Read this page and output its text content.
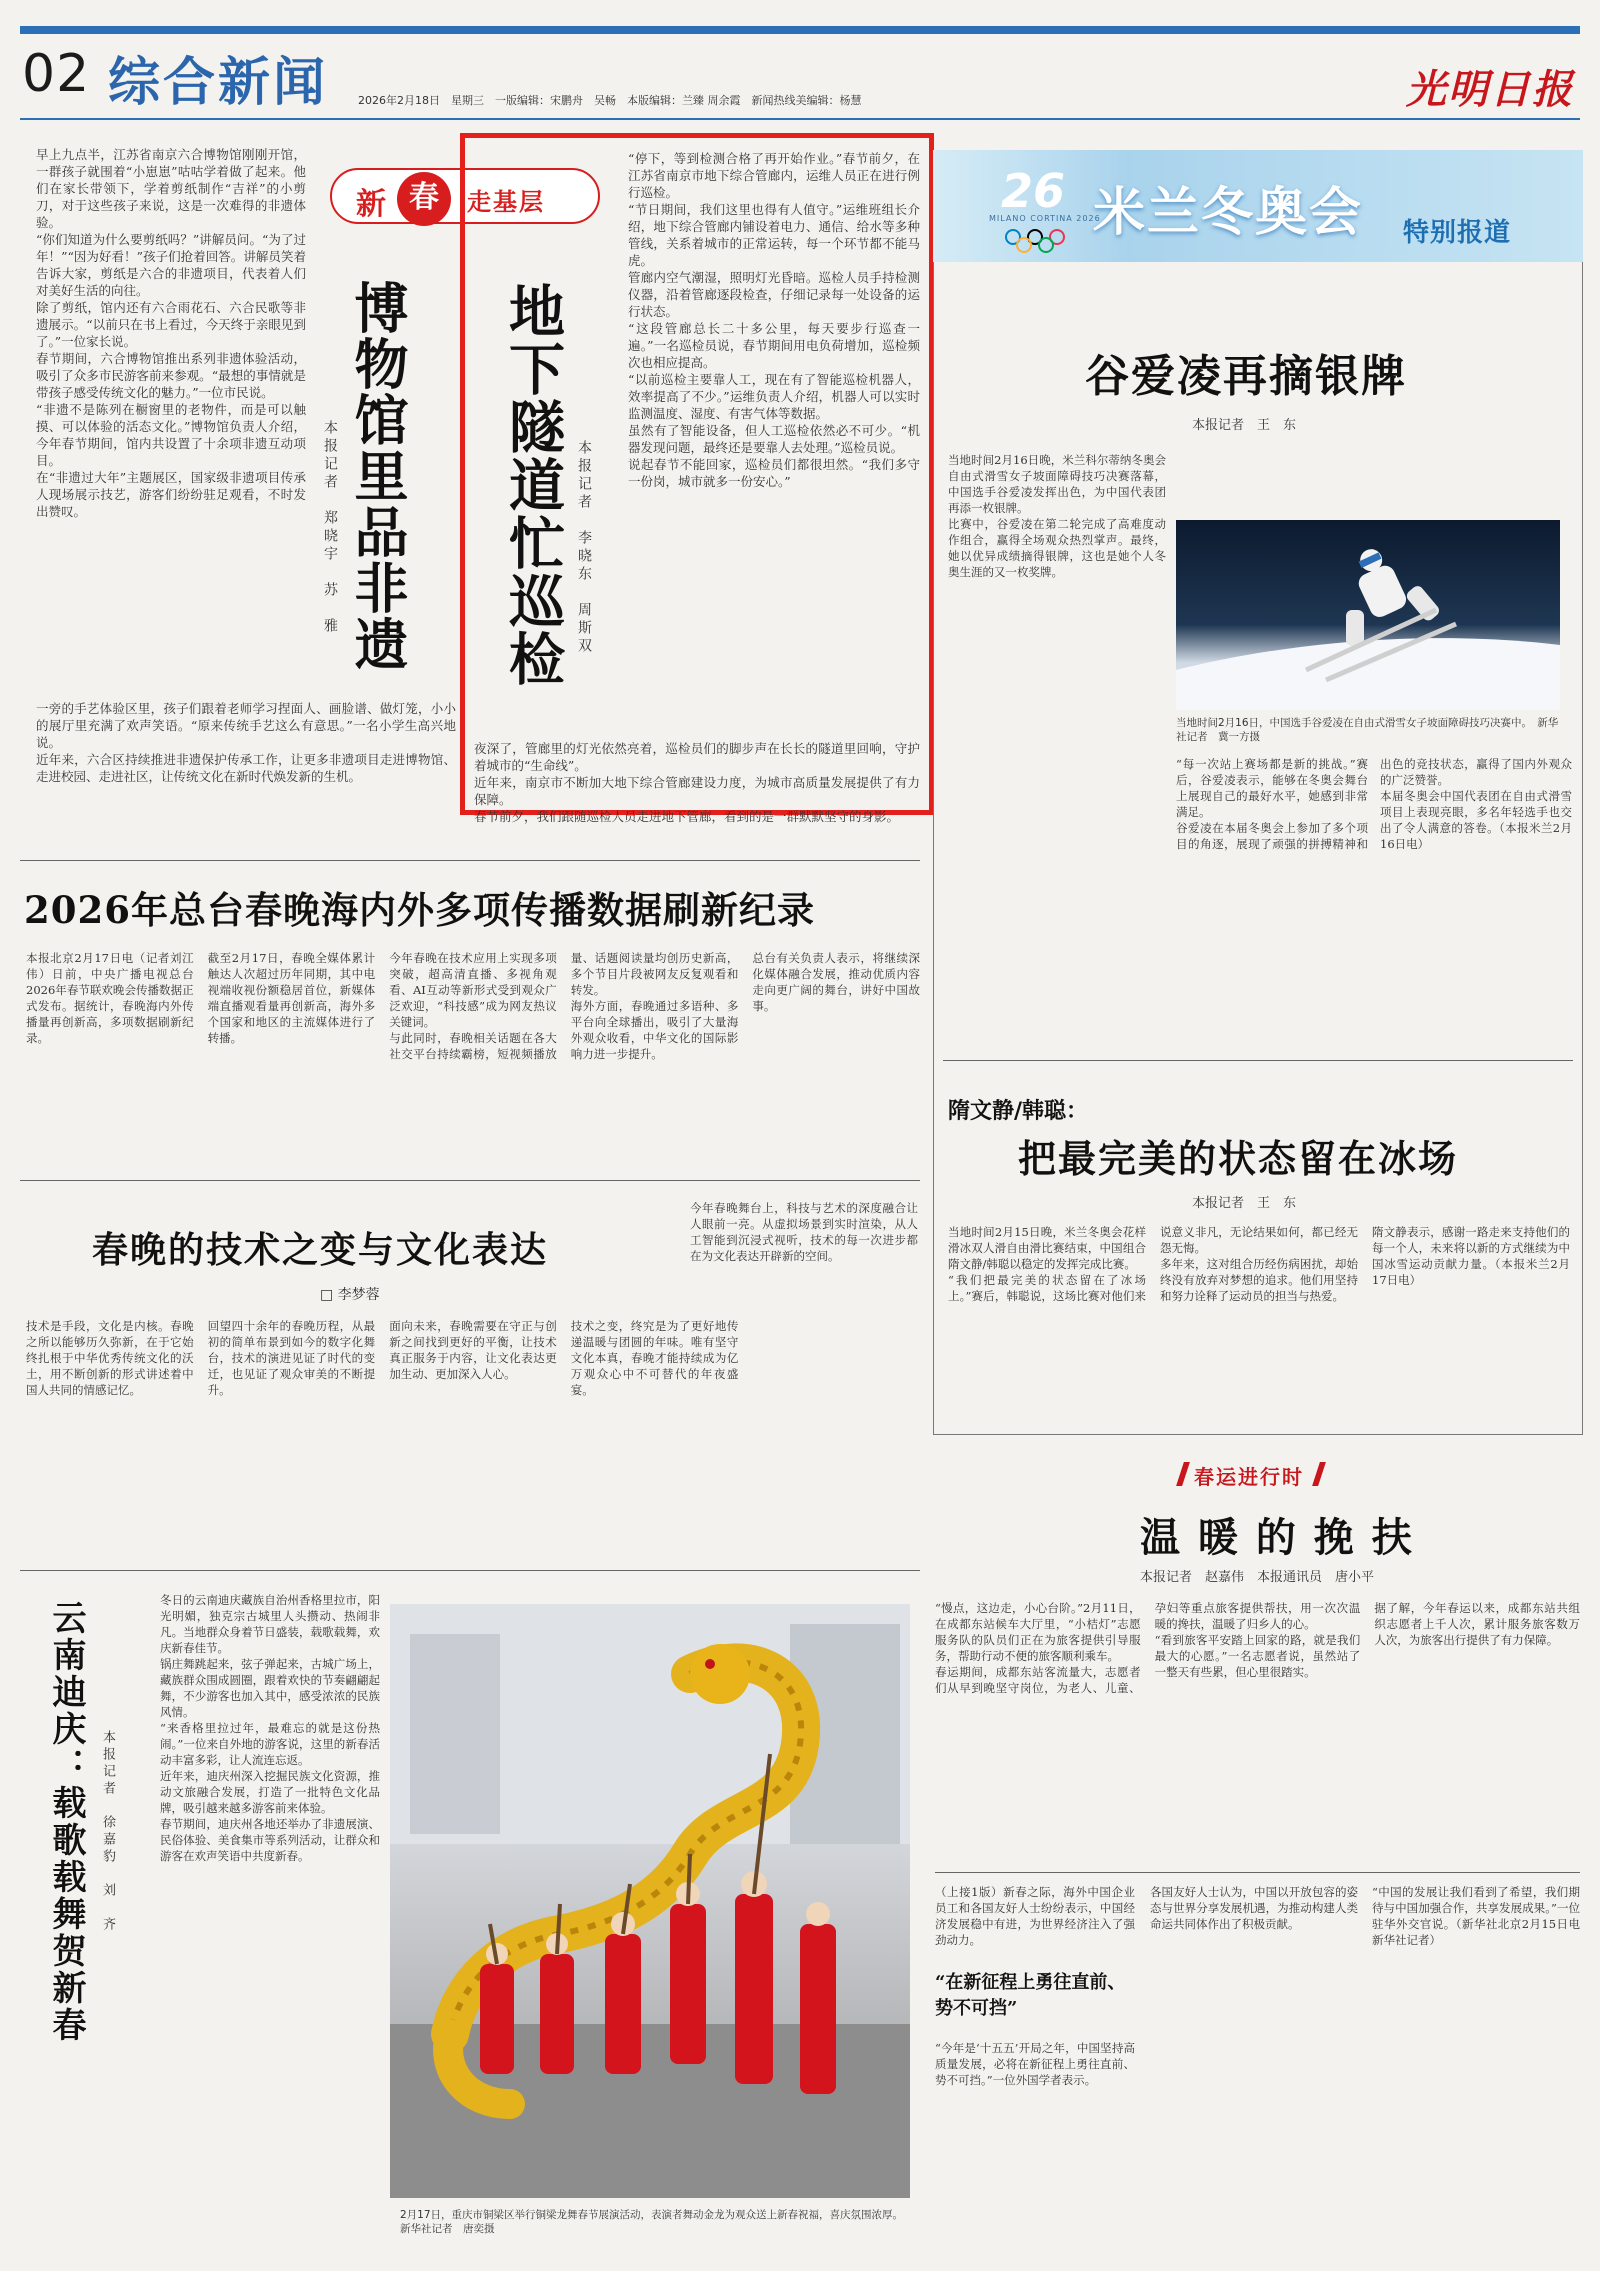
02 综合新闻	2026年2月18日　星期三　一版编辑：宋鹏舟　吴畅　本版编辑：兰臻 周余霞　新闻热线美编辑：杨慧	光明日报

早上九点半，江苏省南京六合博物馆刚刚开馆，一群孩子就围着“小崽崽”咕咕学着做了起来。他们在家长带领下，学着剪纸制作“吉祥”的小剪刀，对于这些孩子来说，这是一次难得的非遗体验。

“你们知道为什么要剪纸吗？”讲解员问。“为了过年！”“因为好看！”孩子们抢着回答。讲解员笑着告诉大家，剪纸是六合的非遗项目，代表着人们对美好生活的向往。

除了剪纸，馆内还有六合雨花石、六合民歌等非遗展示。“以前只在书上看过，今天终于亲眼见到了。”一位家长说。

春节期间，六合博物馆推出系列非遗体验活动，吸引了众多市民游客前来参观。“最想的事情就是带孩子感受传统文化的魅力。”一位市民说。

“非遗不是陈列在橱窗里的老物件，而是可以触摸、可以体验的活态文化。”博物馆负责人介绍，今年春节期间，馆内共设置了十余项非遗互动项目。

在“非遗过大年”主题展区，国家级非遗项目传承人现场展示技艺，游客们纷纷驻足观看，不时发出赞叹。

新 春	走基层
博物馆里品非遗
本报记者　郑晓宇　苏　雅

一旁的手艺体验区里，孩子们跟着老师学习捏面人、画脸谱、做灯笼，小小的展厅里充满了欢声笑语。“原来传统手艺这么有意思。”一名小学生高兴地说。

近年来，六合区持续推进非遗保护传承工作，让更多非遗项目走进博物馆、走进校园、走进社区，让传统文化在新时代焕发新的生机。

地下隧道忙巡检 本报记者　李晓东　周斯双

“停下，等到检测合格了再开始作业。”春节前夕，在江苏省南京市地下综合管廊内，运维人员正在进行例行巡检。

“节日期间，我们这里也得有人值守。”运维班组长介绍，地下综合管廊内铺设着电力、通信、给水等多种管线，关系着城市的正常运转，每一个环节都不能马虎。

管廊内空气潮湿，照明灯光昏暗。巡检人员手持检测仪器，沿着管廊逐段检查，仔细记录每一处设备的运行状态。

“这段管廊总长二十多公里，每天要步行巡查一遍。”一名巡检员说，春节期间用电负荷增加，巡检频次也相应提高。

“以前巡检主要靠人工，现在有了智能巡检机器人，效率提高了不少。”运维负责人介绍，机器人可以实时监测温度、湿度、有害气体等数据。

虽然有了智能设备，但人工巡检依然必不可少。“机器发现问题，最终还是要靠人去处理。”巡检员说。

说起春节不能回家，巡检员们都很坦然。“我们多守一份岗，城市就多一份安心。”

夜深了，管廊里的灯光依然亮着，巡检员们的脚步声在长长的隧道里回响，守护着城市的“生命线”。

近年来，南京市不断加大地下综合管廊建设力度，为城市高质量发展提供了有力保障。

春节前夕，我们跟随巡检人员走进地下管廊，看到的是一群默默坚守的身影。

2026年总台春晚海内外多项传播数据刷新纪录

本报北京2月17日电（记者刘江伟）日前，中央广播电视总台2026年春节联欢晚会传播数据正式发布。据统计，春晚海内外传播量再创新高，多项数据刷新纪录。

截至2月17日，春晚全媒体累计触达人次超过历年同期，其中电视端收视份额稳居首位，新媒体端直播观看量再创新高，海外多个国家和地区的主流媒体进行了转播。

今年春晚在技术应用上实现多项突破，超高清直播、多视角观看、AI互动等新形式受到观众广泛欢迎，“科技感”成为网友热议关键词。

与此同时，春晚相关话题在各大社交平台持续霸榜，短视频播放量、话题阅读量均创历史新高，多个节目片段被网友反复观看和转发。

海外方面，春晚通过多语种、多平台向全球播出，吸引了大量海外观众收看，中华文化的国际影响力进一步提升。

总台有关负责人表示，将继续深化媒体融合发展，推动优质内容走向更广阔的舞台，讲好中国故事。

春晚的技术之变与文化表达
□ 李梦蓉

今年春晚舞台上，科技与艺术的深度融合让人眼前一亮。从虚拟场景到实时渲染，从人工智能到沉浸式视听，技术的每一次进步都在为文化表达开辟新的空间。

技术是手段，文化是内核。春晚之所以能够历久弥新，在于它始终扎根于中华优秀传统文化的沃土，用不断创新的形式讲述着中国人共同的情感记忆。

回望四十余年的春晚历程，从最初的简单布景到如今的数字化舞台，技术的演进见证了时代的变迁，也见证了观众审美的不断提升。

面向未来，春晚需要在守正与创新之间找到更好的平衡，让技术真正服务于内容，让文化表达更加生动、更加深入人心。

技术之变，终究是为了更好地传递温暖与团圆的年味。唯有坚守文化本真，春晚才能持续成为亿万观众心中不可替代的年夜盛宴。

云南迪庆：载歌载舞贺新春 本报记者　徐嘉豹　刘　齐

冬日的云南迪庆藏族自治州香格里拉市，阳光明媚，独克宗古城里人头攒动、热闹非凡。当地群众身着节日盛装，载歌载舞，欢庆新春佳节。

锅庄舞跳起来，弦子弹起来，古城广场上，藏族群众围成圆圈，跟着欢快的节奏翩翩起舞，不少游客也加入其中，感受浓浓的民族风情。

“来香格里拉过年，最难忘的就是这份热闹。”一位来自外地的游客说，这里的新春活动丰富多彩，让人流连忘返。

近年来，迪庆州深入挖掘民族文化资源，推动文旅融合发展，打造了一批特色文化品牌，吸引越来越多游客前来体验。

春节期间，迪庆州各地还举办了非遗展演、民俗体验、美食集市等系列活动，让群众和游客在欢声笑语中共度新春。

2月17日，重庆市铜梁区举行铜梁龙舞春节展演活动，表演者舞动金龙为观众送上新春祝福，喜庆氛围浓厚。　新华社记者　唐奕摄
26
MILANO CORTINA 2026
米兰冬奥会 特别报道
谷爱凌再摘银牌
本报记者　王　东

当地时间2月16日晚，米兰科尔蒂纳冬奥会自由式滑雪女子坡面障碍技巧决赛落幕，中国选手谷爱凌发挥出色，为中国代表团再添一枚银牌。

比赛中，谷爱凌在第二轮完成了高难度动作组合，赢得全场观众热烈掌声。最终，她以优异成绩摘得银牌，这也是她个人冬奥生涯的又一枚奖牌。

当地时间2月16日，中国选手谷爱凌在自由式滑雪女子坡面障碍技巧决赛中。　新华社记者　冀一方摄

“每一次站上赛场都是新的挑战。”赛后，谷爱凌表示，能够在冬奥会舞台上展现自己的最好水平，她感到非常满足。

谷爱凌在本届冬奥会上参加了多个项目的角逐，展现了顽强的拼搏精神和出色的竞技状态，赢得了国内外观众的广泛赞誉。

本届冬奥会中国代表团在自由式滑雪项目上表现亮眼，多名年轻选手也交出了令人满意的答卷。（本报米兰2月16日电）

隋文静/韩聪：
把最完美的状态留在冰场
本报记者　王　东

当地时间2月15日晚，米兰冬奥会花样滑冰双人滑自由滑比赛结束，中国组合隋文静/韩聪以稳定的发挥完成比赛。

“我们把最完美的状态留在了冰场上。”赛后，韩聪说，这场比赛对他们来说意义非凡，无论结果如何，都已经无怨无悔。

多年来，这对组合历经伤病困扰，却始终没有放弃对梦想的追求。他们用坚持和努力诠释了运动员的担当与热爱。

隋文静表示，感谢一路走来支持他们的每一个人，未来将以新的方式继续为中国冰雪运动贡献力量。（本报米兰2月17日电）

春运进行时
温 暖 的 挽 扶
本报记者　赵嘉伟　本报通讯员　唐小平

“慢点，这边走，小心台阶。”2月11日，在成都东站候车大厅里，“小桔灯”志愿服务队的队员们正在为旅客提供引导服务，帮助行动不便的旅客顺利乘车。

春运期间，成都东站客流量大，志愿者们从早到晚坚守岗位，为老人、儿童、孕妇等重点旅客提供帮扶，用一次次温暖的搀扶，温暖了归乡人的心。

“看到旅客平安踏上回家的路，就是我们最大的心愿。”一名志愿者说，虽然站了一整天有些累，但心里很踏实。

据了解，今年春运以来，成都东站共组织志愿者上千人次，累计服务旅客数万人次，为旅客出行提供了有力保障。

（上接1版）新春之际，海外中国企业员工和各国友好人士纷纷表示，中国经济发展稳中有进，为世界经济注入了强劲动力。

“在新征程上勇往直前、势不可挡”

“今年是‘十五五’开局之年，中国坚持高质量发展，必将在新征程上勇往直前、势不可挡。”一位外国学者表示。

各国友好人士认为，中国以开放包容的姿态与世界分享发展机遇，为推动构建人类命运共同体作出了积极贡献。

“中国的发展让我们看到了希望，我们期待与中国加强合作，共享发展成果。”一位驻华外交官说。（新华社北京2月15日电　新华社记者）
